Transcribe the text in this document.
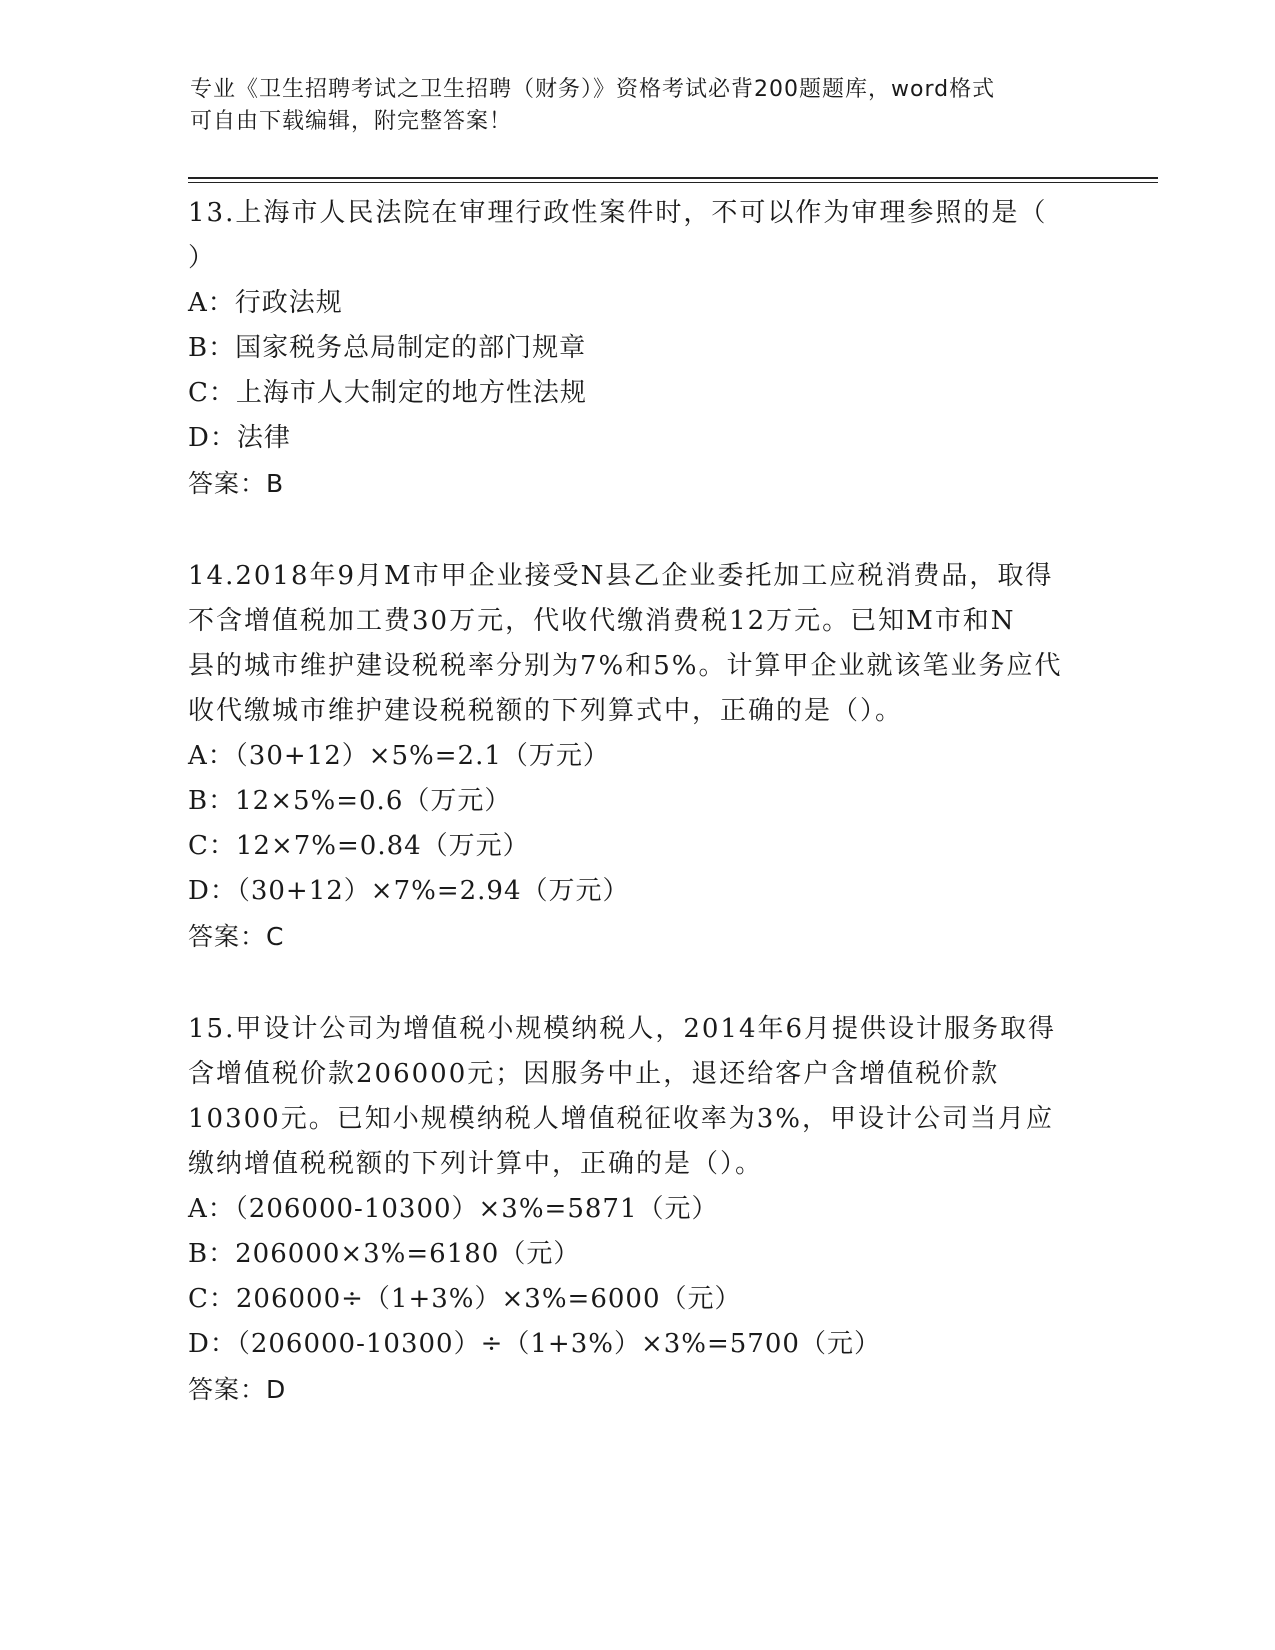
专业《卫生招聘考试之卫生招聘（财务）》资格考试必背200题题库，word格式
可自由下载编辑，附完整答案！
13.上海市人民法院在审理行政性案件时，不可以作为审理参照的是（
）
A：行政法规
B：国家税务总局制定的部门规章
C：上海市人大制定的地方性法规
D：法律
答案：B
14.2018年9月M市甲企业接受N县乙企业委托加工应税消费品，取得
不含增值税加工费30万元，代收代缴消费税12万元。已知M市和N
县的城市维护建设税税率分别为7%和5%。计算甲企业就该笔业务应代
收代缴城市维护建设税税额的下列算式中，正确的是（）。
A：（30+12）×5%=2.1（万元）
B：12×5%=0.6（万元）
C：12×7%=0.84（万元）
D：（30+12）×7%=2.94（万元）
答案：C
15.甲设计公司为增值税小规模纳税人，2014年6月提供设计服务取得
含增值税价款206000元；因服务中止，退还给客户含增值税价款
10300元。已知小规模纳税人增值税征收率为3%，甲设计公司当月应
缴纳增值税税额的下列计算中，正确的是（）。
A：（206000-10300）×3%=5871（元）
B：206000×3%=6180（元）
C：206000÷（1+3%）×3%=6000（元）
D：（206000-10300）÷（1+3%）×3%=5700（元）
答案：D
